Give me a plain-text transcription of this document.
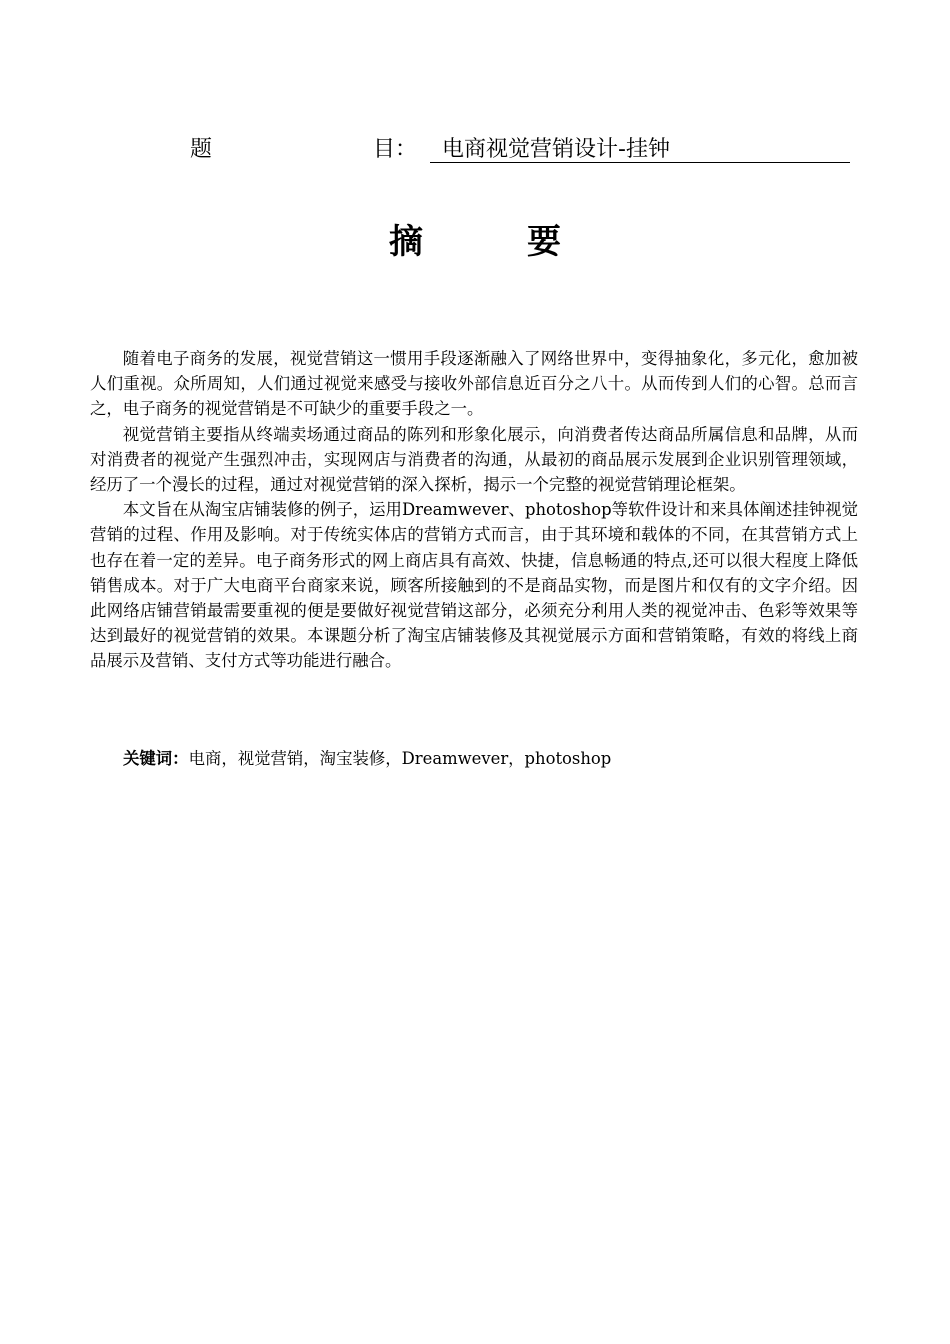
题	目：	电商视觉营销设计-挂钟
摘	要

随着电子商务的发展，视觉营销这一惯用手段逐渐融入了网络世界中，变得抽象化，多元化，愈加被人们重视。众所周知，人们通过视觉来感受与接收外部信息近百分之八十。从而传到人们的心智。总而言之，电子商务的视觉营销是不可缺少的重要手段之一。

视觉营销主要指从终端卖场通过商品的陈列和形象化展示，向消费者传达商品所属信息和品牌，从而对消费者的视觉产生强烈冲击，实现网店与消费者的沟通，从最初的商品展示发展到企业识别管理领域，经历了一个漫长的过程，通过对视觉营销的深入探析，揭示一个完整的视觉营销理论框架。

本文旨在从淘宝店铺装修的例子，运用Dreamwever、photoshop等软件设计和来具体阐述挂钟视觉营销的过程、作用及影响。对于传统实体店的营销方式而言，由于其环境和载体的不同，在其营销方式上也存在着一定的差异。电子商务形式的网上商店具有高效、快捷，信息畅通的特点,还可以很大程度上降低销售成本。对于广大电商平台商家来说，顾客所接触到的不是商品实物，而是图片和仅有的文字介绍。因此网络店铺营销最需要重视的便是要做好视觉营销这部分，必须充分利用人类的视觉冲击、色彩等效果等达到最好的视觉营销的效果。本课题分析了淘宝店铺装修及其视觉展示方面和营销策略，有效的将线上商品展示及营销、支付方式等功能进行融合。

关键词：电商，视觉营销，淘宝装修，Dreamwever，photoshop
